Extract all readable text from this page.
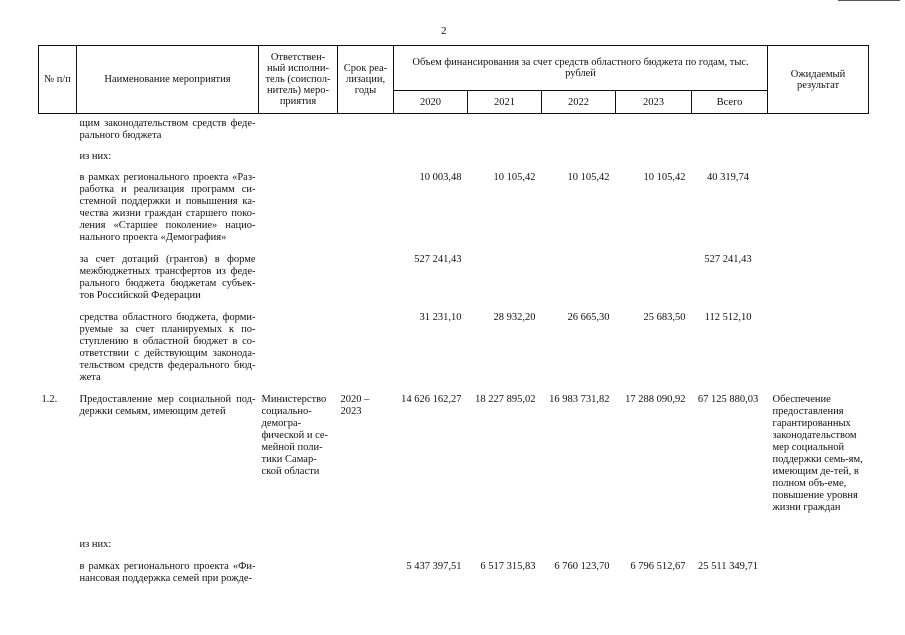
2
№ п/п	Наименование мероприятия	Ответствен-ный исполни-тель (соиспол-нитель) меро-приятия	Срок реа-лизации, годы	Объем финансирования за счет средств областного бюджета по годам, тыс. рублей					Ожидаемый результат
				2020	2021	2022	2023	Всего	
	щим законодательством средств феде-рального бюджета								
	из них:								
	в рамках регионального проекта «Раз-работка и реализация программ си-стемной поддержки и повышения ка-чества жизни граждан старшего поко-ления «Старшее поколение» нацио-нального проекта «Демография»			10 003,48	10 105,42	10 105,42	10 105,42	40 319,74	
	за счет дотаций (грантов) в форме межбюджетных трансфертов из феде-рального бюджета бюджетам субъек-тов Российской Федерации			527 241,43				527 241,43	
	средства областного бюджета, форми-руемые за счет планируемых к по-ступлению в областной бюджет в со-ответствии с действующим законода-тельством средств федерального бюд-жета			31 231,10	28 932,20	26 665,30	25 683,50	112 512,10	
1.2.	Предоставление мер социальной под-держки семьям, имеющим детей	Министерство социально-демогра-фической и се-мейной поли-тики Самар-ской области	2020 – 2023	14 626 162,27	18 227 895,02	16 983 731,82	17 288 090,92	67 125 880,03	Обеспечение предоставления гарантированных законодательством мер социальной поддержки семь-ям, имеющим де-тей, в полном объ-еме, повышение уровня жизни граждан
	из них:								
	в рамках регионального проекта «Фи-нансовая поддержка семей при рожде-			5 437 397,51	6 517 315,83	6 760 123,70	6 796 512,67	25 511 349,71	
